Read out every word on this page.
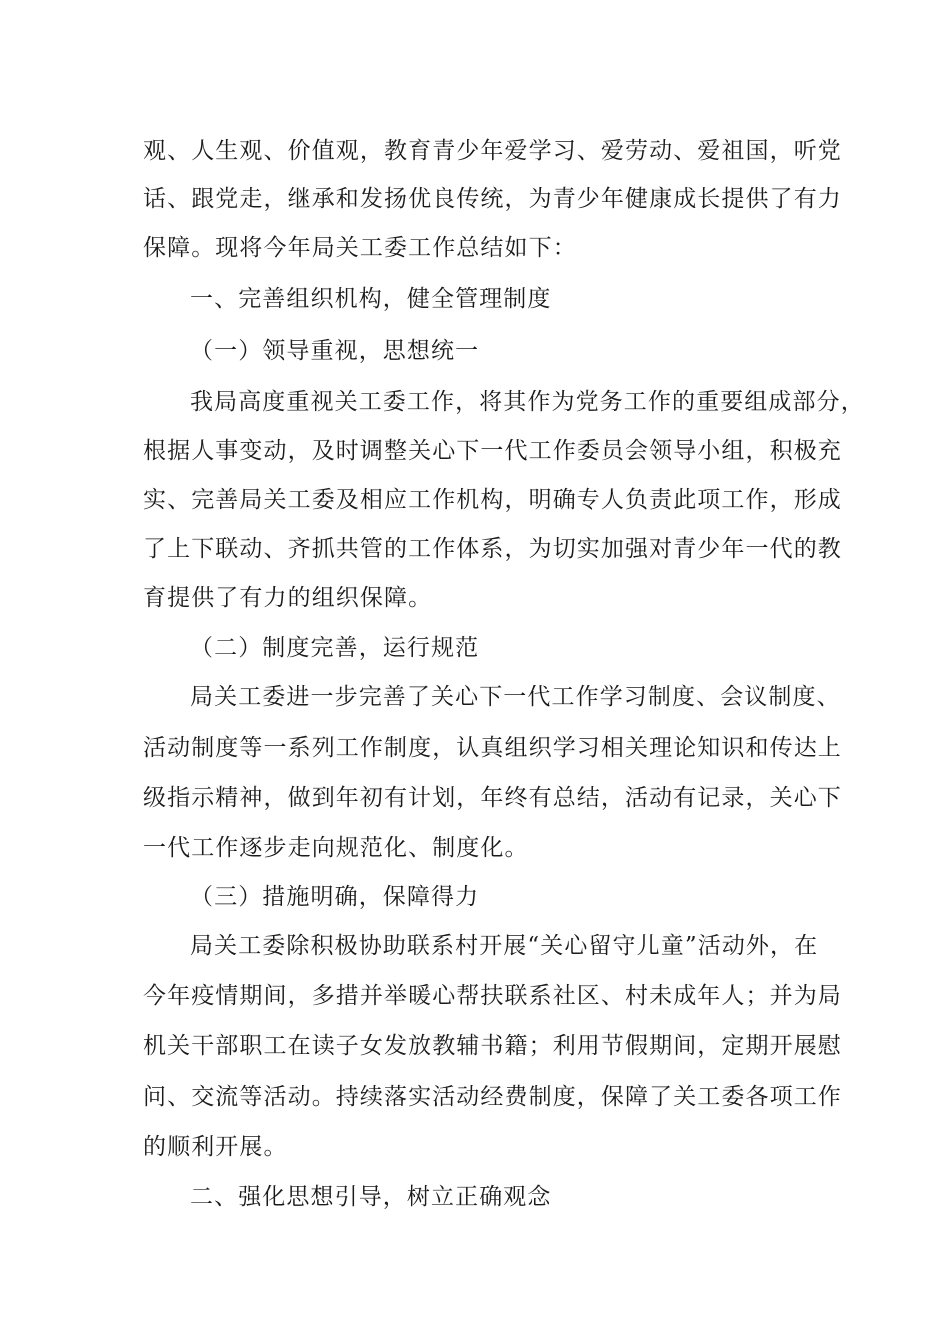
观、人生观、价值观，教育青少年爱学习、爱劳动、爱祖国，听党

话、跟党走，继承和发扬优良传统，为青少年健康成长提供了有力

保障。现将今年局关工委工作总结如下：

一、完善组织机构，健全管理制度

（一）领导重视，思想统一

我局高度重视关工委工作，将其作为党务工作的重要组成部分，

根据人事变动，及时调整关心下一代工作委员会领导小组，积极充

实、完善局关工委及相应工作机构，明确专人负责此项工作，形成

了上下联动、齐抓共管的工作体系，为切实加强对青少年一代的教

育提供了有力的组织保障。

（二）制度完善，运行规范

局关工委进一步完善了关心下一代工作学习制度、会议制度、

活动制度等一系列工作制度，认真组织学习相关理论知识和传达上

级指示精神，做到年初有计划，年终有总结，活动有记录，关心下

一代工作逐步走向规范化、制度化。

（三）措施明确，保障得力

局关工委除积极协助联系村开展“关心留守儿童”活动外，在

今年疫情期间，多措并举暖心帮扶联系社区、村未成年人；并为局

机关干部职工在读子女发放教辅书籍；利用节假期间，定期开展慰

问、交流等活动。持续落实活动经费制度，保障了关工委各项工作

的顺利开展。

二、强化思想引导，树立正确观念
